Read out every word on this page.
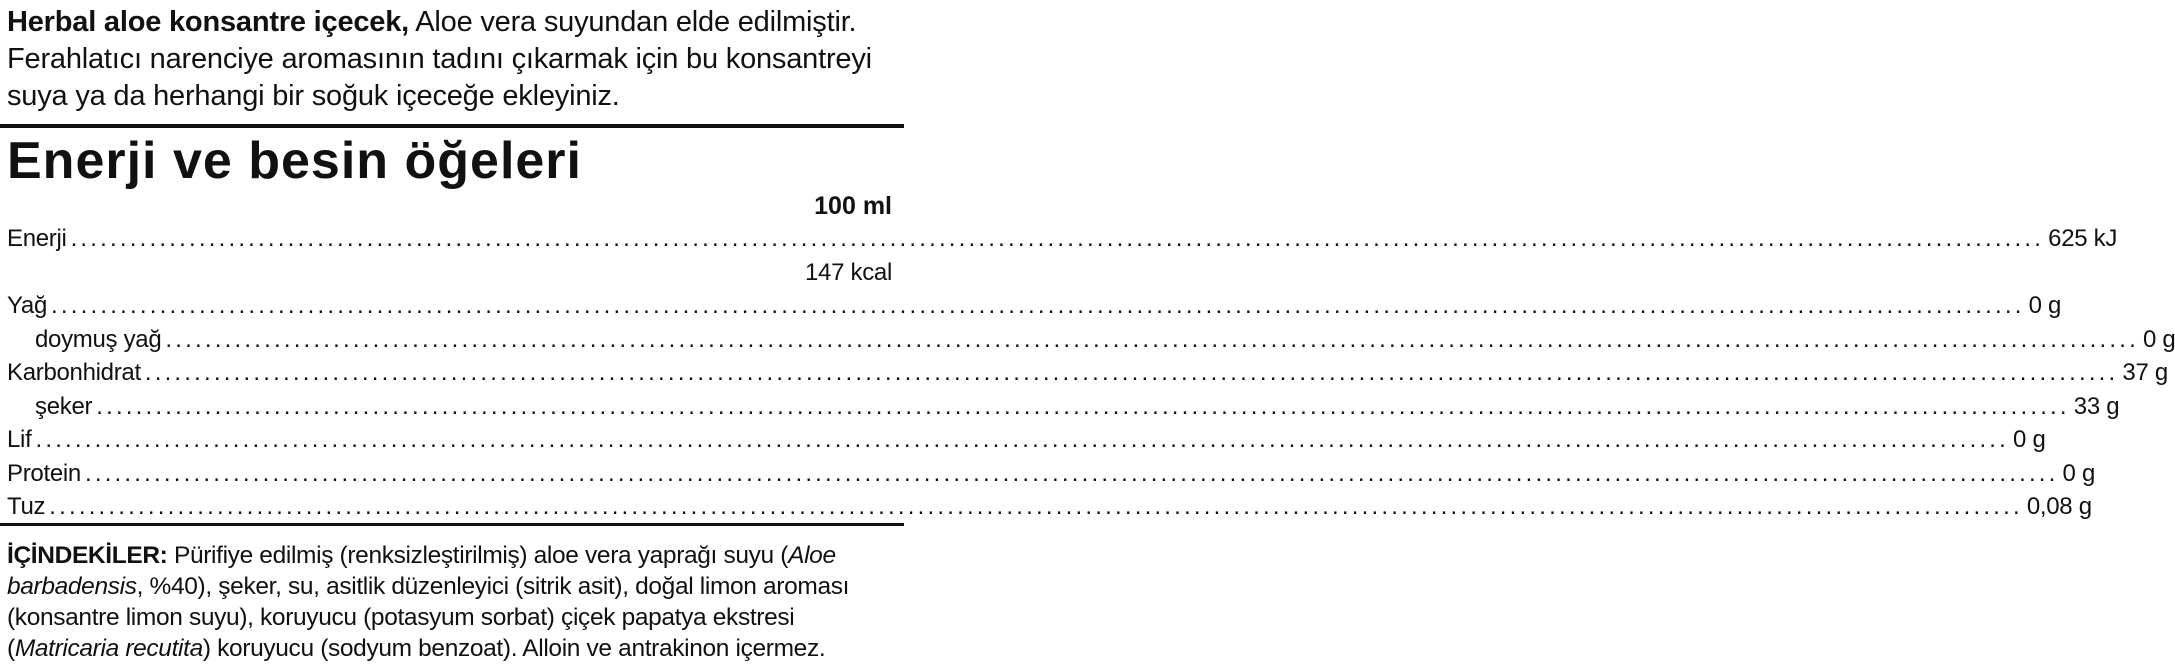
Herbal aloe konsantre içecek, Aloe vera suyundan elde edilmiştir. Ferahlatıcı narenciye aromasının tadını çıkarmak için bu konsantreyi suya ya da herhangi bir soğuk içeceğe ekleyiniz.
Enerji ve besin öğeleri
100 ml
Enerji ........................................................................................................................................................................................................ 625 kJ
147 kcal
Yağ ........................................................................................................................................................................................................ 0 g
doymuş yağ ........................................................................................................................................................................................................ 0 g
Karbonhidrat ........................................................................................................................................................................................................ 37 g
şeker ........................................................................................................................................................................................................ 33 g
Lif ........................................................................................................................................................................................................ 0 g
Protein ........................................................................................................................................................................................................ 0 g
Tuz ........................................................................................................................................................................................................ 0,08 g
İÇİNDEKİLER: Pürifiye edilmiş (renksizleştirilmiş) aloe vera yaprağı suyu (Aloe barbadensis, %40), şeker, su, asitlik düzenleyici (sitrik asit), doğal limon aroması (konsantre limon suyu), koruyucu (potasyum sorbat) çiçek papatya ekstresi (Matricaria recutita) koruyucu (sodyum benzoat). Alloin ve antrakinon içermez.
